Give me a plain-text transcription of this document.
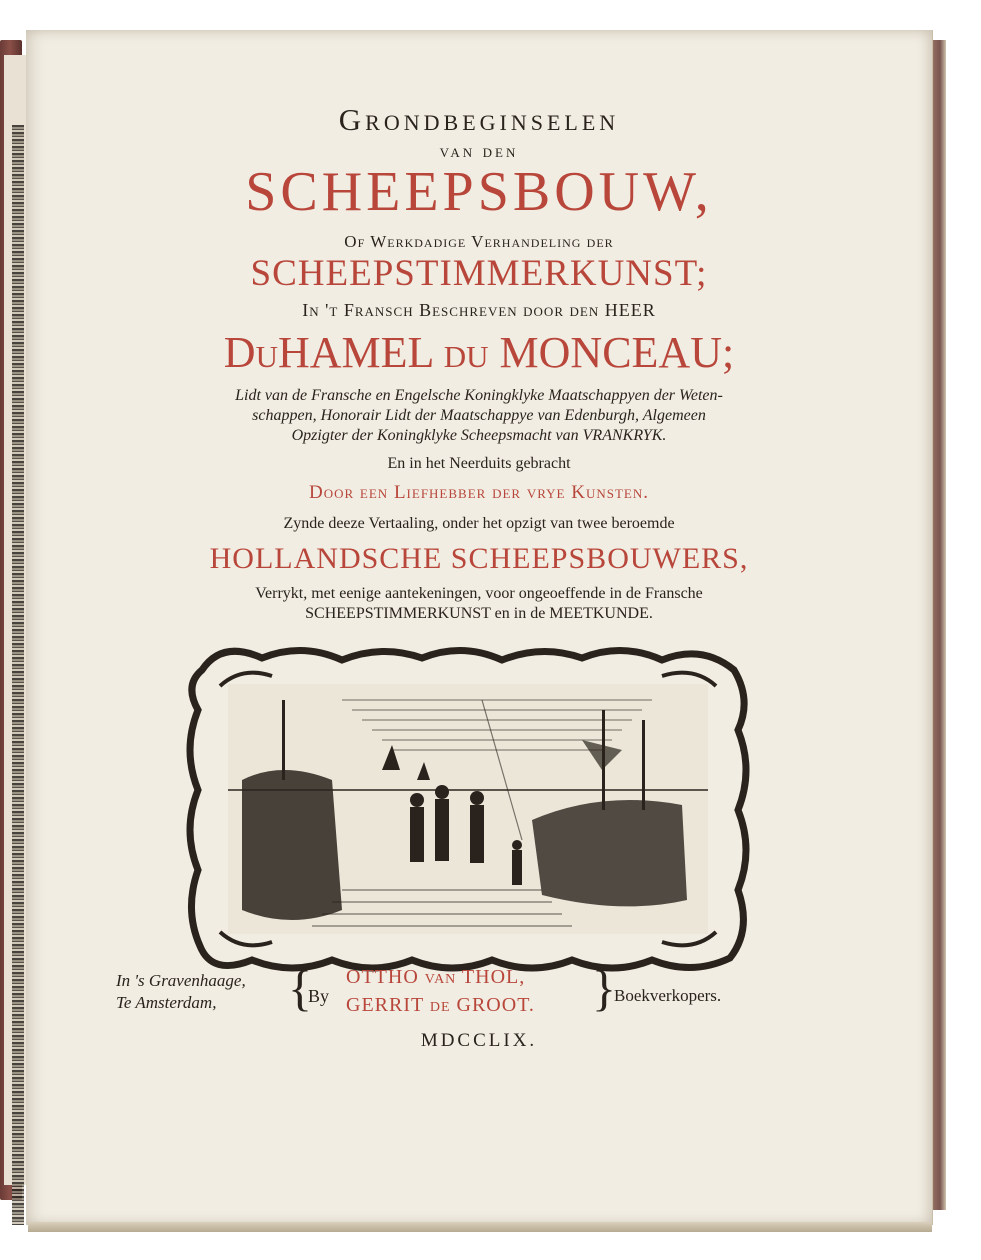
Grondbeginselen
van den
SCHEEPSBOUW,
Of Werkdadige Verhandeling der
SCHEEPSTIMMERKUNST;
In 't Fransch Beschreven door den HEER
DuHAMEL du MONCEAU;
Lidt van de Fransche en Engelsche Koningklyke Maatschappyen der Weten-
schappen, Honorair Lidt der Maatschappye van Edenburgh, Algemeen
Opzigter der Koningklyke Scheepsmacht van VRANKRYK.
En in het Neerduits gebracht
Door een Liefhebber der vrye Kunsten.
Zynde deeze Vertaaling, onder het opzigt van twee beroemde
HOLLANDSCHE SCHEEPSBOUWERS,
Verrykt, met eenige aantekeningen, voor ongeoeffende in de Fransche
SCHEEPSTIMMERKUNST en in de MEETKUNDE.
In 's Gravenhaage,
Te Amsterdam,	{
By
OTTHO van THOL,
GERRIT de GROOT. }
Boekverkopers.
MDCCLIX.
